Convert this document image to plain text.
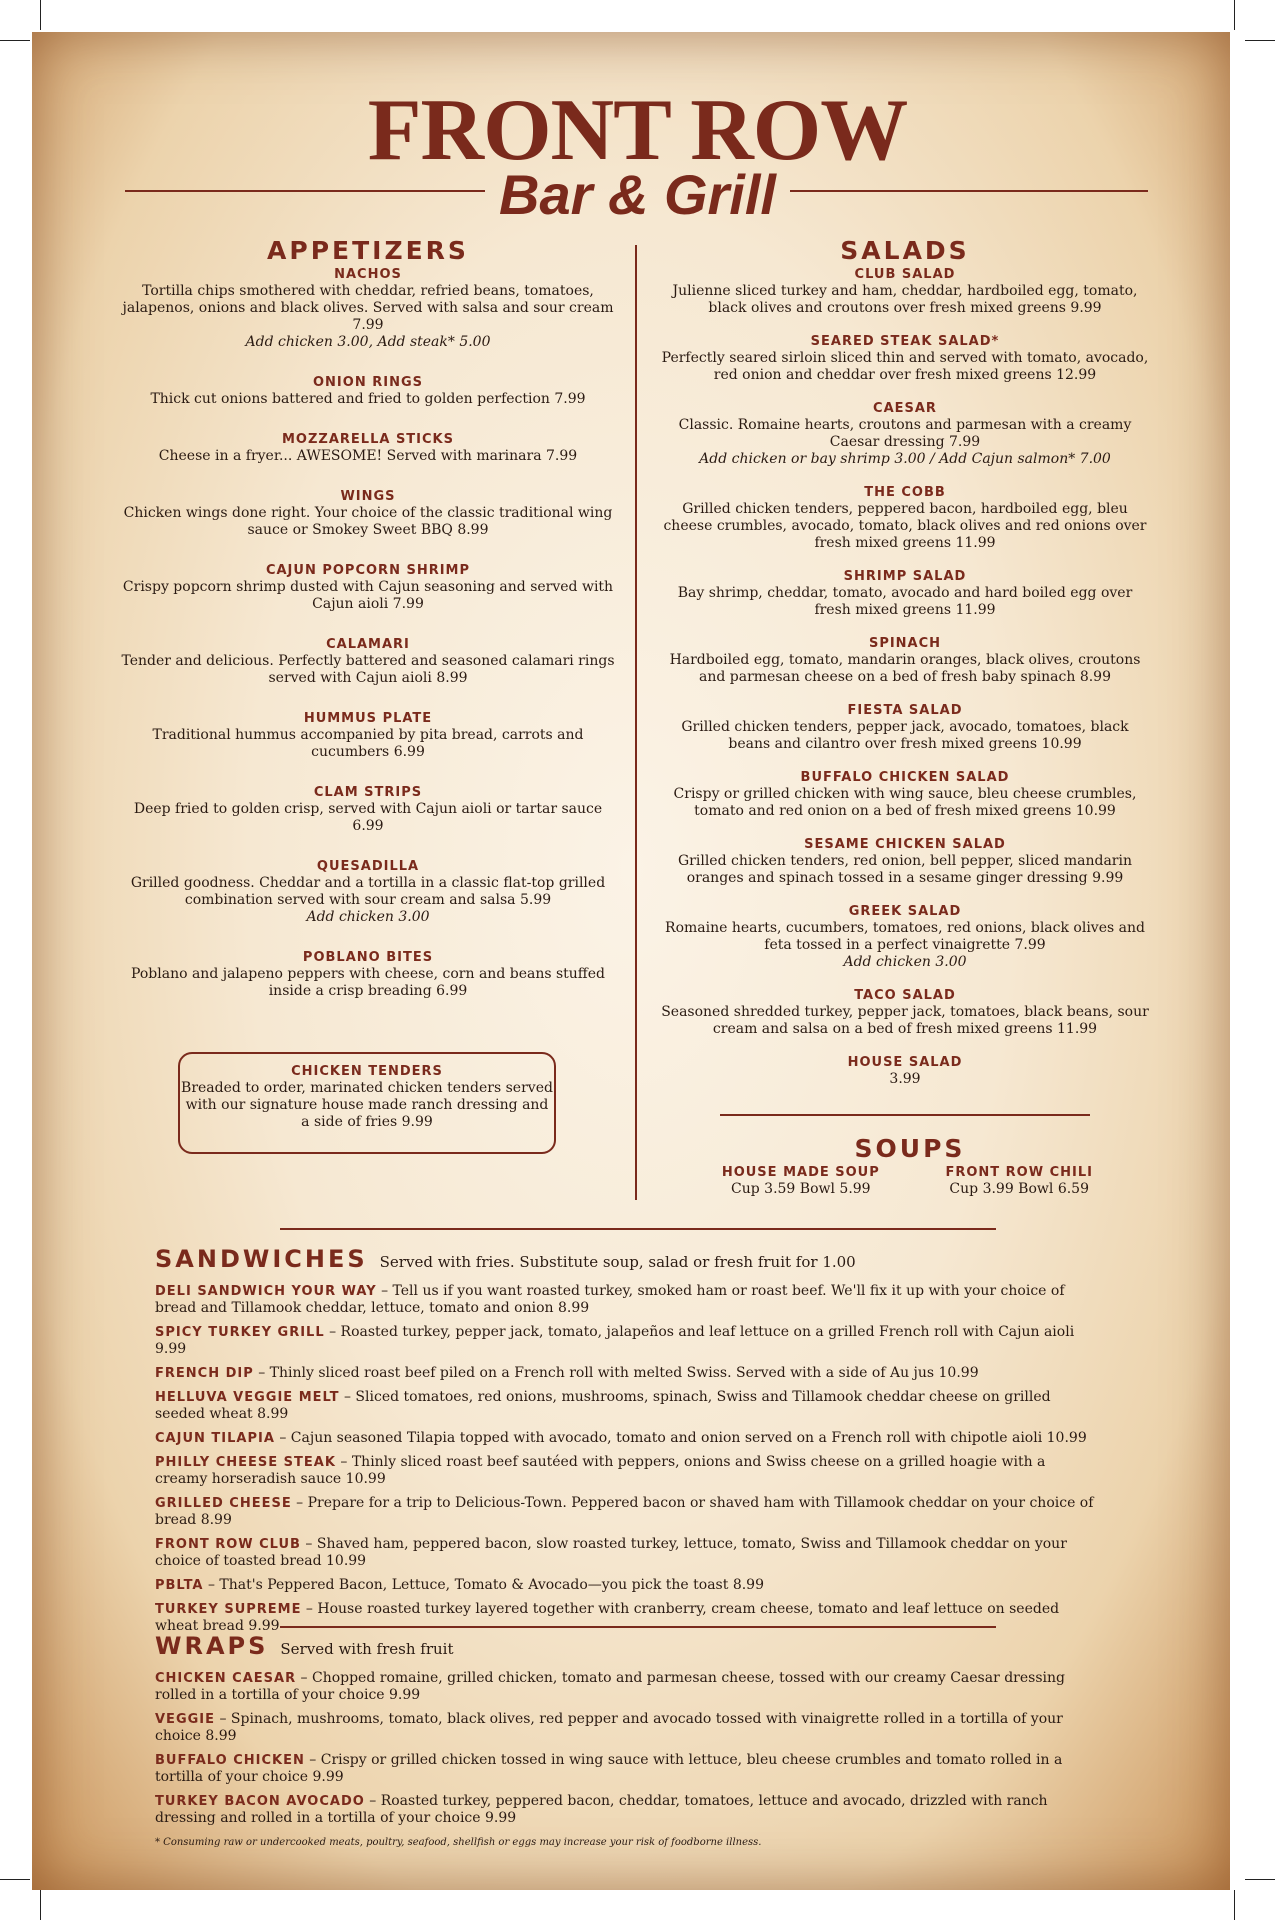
FRONT ROW
Bar & Grill
APPETIZERS
NACHOS
Tortilla chips smothered with cheddar, refried beans, tomatoes, jalapenos, onions and black olives. Served with salsa and sour cream 7.99
Add chicken 3.00, Add steak* 5.00
ONION RINGS
Thick cut onions battered and fried to golden perfection 7.99
MOZZARELLA STICKS
Cheese in a fryer... AWESOME! Served with marinara 7.99
WINGS
Chicken wings done right. Your choice of the classic traditional wing sauce or Smokey Sweet BBQ 8.99
CAJUN POPCORN SHRIMP
Crispy popcorn shrimp dusted with Cajun seasoning and served with Cajun aioli 7.99
CALAMARI
Tender and delicious. Perfectly battered and seasoned calamari rings served with Cajun aioli 8.99
HUMMUS PLATE
Traditional hummus accompanied by pita bread, carrots and cucumbers 6.99
CLAM STRIPS
Deep fried to golden crisp, served with Cajun aioli or tartar sauce 6.99
QUESADILLA
Grilled goodness. Cheddar and a tortilla in a classic flat-top grilled combination served with sour cream and salsa 5.99
Add chicken 3.00
POBLANO BITES
Poblano and jalapeno peppers with cheese, corn and beans stuffed inside a crisp breading 6.99
CHICKEN TENDERS
Breaded to order, marinated chicken tenders served with our signature house made ranch dressing and a side of fries 9.99
SALADS
CLUB SALAD
Julienne sliced turkey and ham, cheddar, hardboiled egg, tomato, black olives and croutons over fresh mixed greens 9.99
SEARED STEAK SALAD*
Perfectly seared sirloin sliced thin and served with tomato, avocado, red onion and cheddar over fresh mixed greens 12.99
CAESAR
Classic. Romaine hearts, croutons and parmesan with a creamy Caesar dressing 7.99
Add chicken or bay shrimp 3.00 / Add Cajun salmon* 7.00
THE COBB
Grilled chicken tenders, peppered bacon, hardboiled egg, bleu cheese crumbles, avocado, tomato, black olives and red onions over fresh mixed greens 11.99
SHRIMP SALAD
Bay shrimp, cheddar, tomato, avocado and hard boiled egg over fresh mixed greens 11.99
SPINACH
Hardboiled egg, tomato, mandarin oranges, black olives, croutons and parmesan cheese on a bed of fresh baby spinach 8.99
FIESTA SALAD
Grilled chicken tenders, pepper jack, avocado, tomatoes, black beans and cilantro over fresh mixed greens 10.99
BUFFALO CHICKEN SALAD
Crispy or grilled chicken with wing sauce, bleu cheese crumbles, tomato and red onion on a bed of fresh mixed greens 10.99
SESAME CHICKEN SALAD
Grilled chicken tenders, red onion, bell pepper, sliced mandarin oranges and spinach tossed in a sesame ginger dressing 9.99
GREEK SALAD
Romaine hearts, cucumbers, tomatoes, red onions, black olives and feta tossed in a perfect vinaigrette 7.99
Add chicken 3.00
TACO SALAD
Seasoned shredded turkey, pepper jack, tomatoes, black beans, sour cream and salsa on a bed of fresh mixed greens 11.99
HOUSE SALAD
3.99
SOUPS
HOUSE MADE SOUP
Cup 3.59 Bowl 5.99
FRONT ROW CHILI
Cup 3.99 Bowl 6.59
SANDWICHES Served with fries. Substitute soup, salad or fresh fruit for 1.00
DELI SANDWICH YOUR WAY – Tell us if you want roasted turkey, smoked ham or roast beef. We'll fix it up with your choice of bread and Tillamook cheddar, lettuce, tomato and onion 8.99
SPICY TURKEY GRILL – Roasted turkey, pepper jack, tomato, jalapeños and leaf lettuce on a grilled French roll with Cajun aioli 9.99
FRENCH DIP – Thinly sliced roast beef piled on a French roll with melted Swiss. Served with a side of Au jus 10.99
HELLUVA VEGGIE MELT – Sliced tomatoes, red onions, mushrooms, spinach, Swiss and Tillamook cheddar cheese on grilled seeded wheat 8.99
CAJUN TILAPIA – Cajun seasoned Tilapia topped with avocado, tomato and onion served on a French roll with chipotle aioli 10.99
PHILLY CHEESE STEAK – Thinly sliced roast beef sautéed with peppers, onions and Swiss cheese on a grilled hoagie with a creamy horseradish sauce 10.99
GRILLED CHEESE – Prepare for a trip to Delicious-Town. Peppered bacon or shaved ham with Tillamook cheddar on your choice of bread 8.99
FRONT ROW CLUB – Shaved ham, peppered bacon, slow roasted turkey, lettuce, tomato, Swiss and Tillamook cheddar on your choice of toasted bread 10.99
PBLTA – That's Peppered Bacon, Lettuce, Tomato & Avocado—you pick the toast 8.99
TURKEY SUPREME – House roasted turkey layered together with cranberry, cream cheese, tomato and leaf lettuce on seeded wheat bread 9.99
WRAPS Served with fresh fruit
CHICKEN CAESAR – Chopped romaine, grilled chicken, tomato and parmesan cheese, tossed with our creamy Caesar dressing rolled in a tortilla of your choice 9.99
VEGGIE – Spinach, mushrooms, tomato, black olives, red pepper and avocado tossed with vinaigrette rolled in a tortilla of your choice 8.99
BUFFALO CHICKEN – Crispy or grilled chicken tossed in wing sauce with lettuce, bleu cheese crumbles and tomato rolled in a tortilla of your choice 9.99
TURKEY BACON AVOCADO – Roasted turkey, peppered bacon, cheddar, tomatoes, lettuce and avocado, drizzled with ranch dressing and rolled in a tortilla of your choice 9.99
* Consuming raw or undercooked meats, poultry, seafood, shellfish or eggs may increase your risk of foodborne illness.
